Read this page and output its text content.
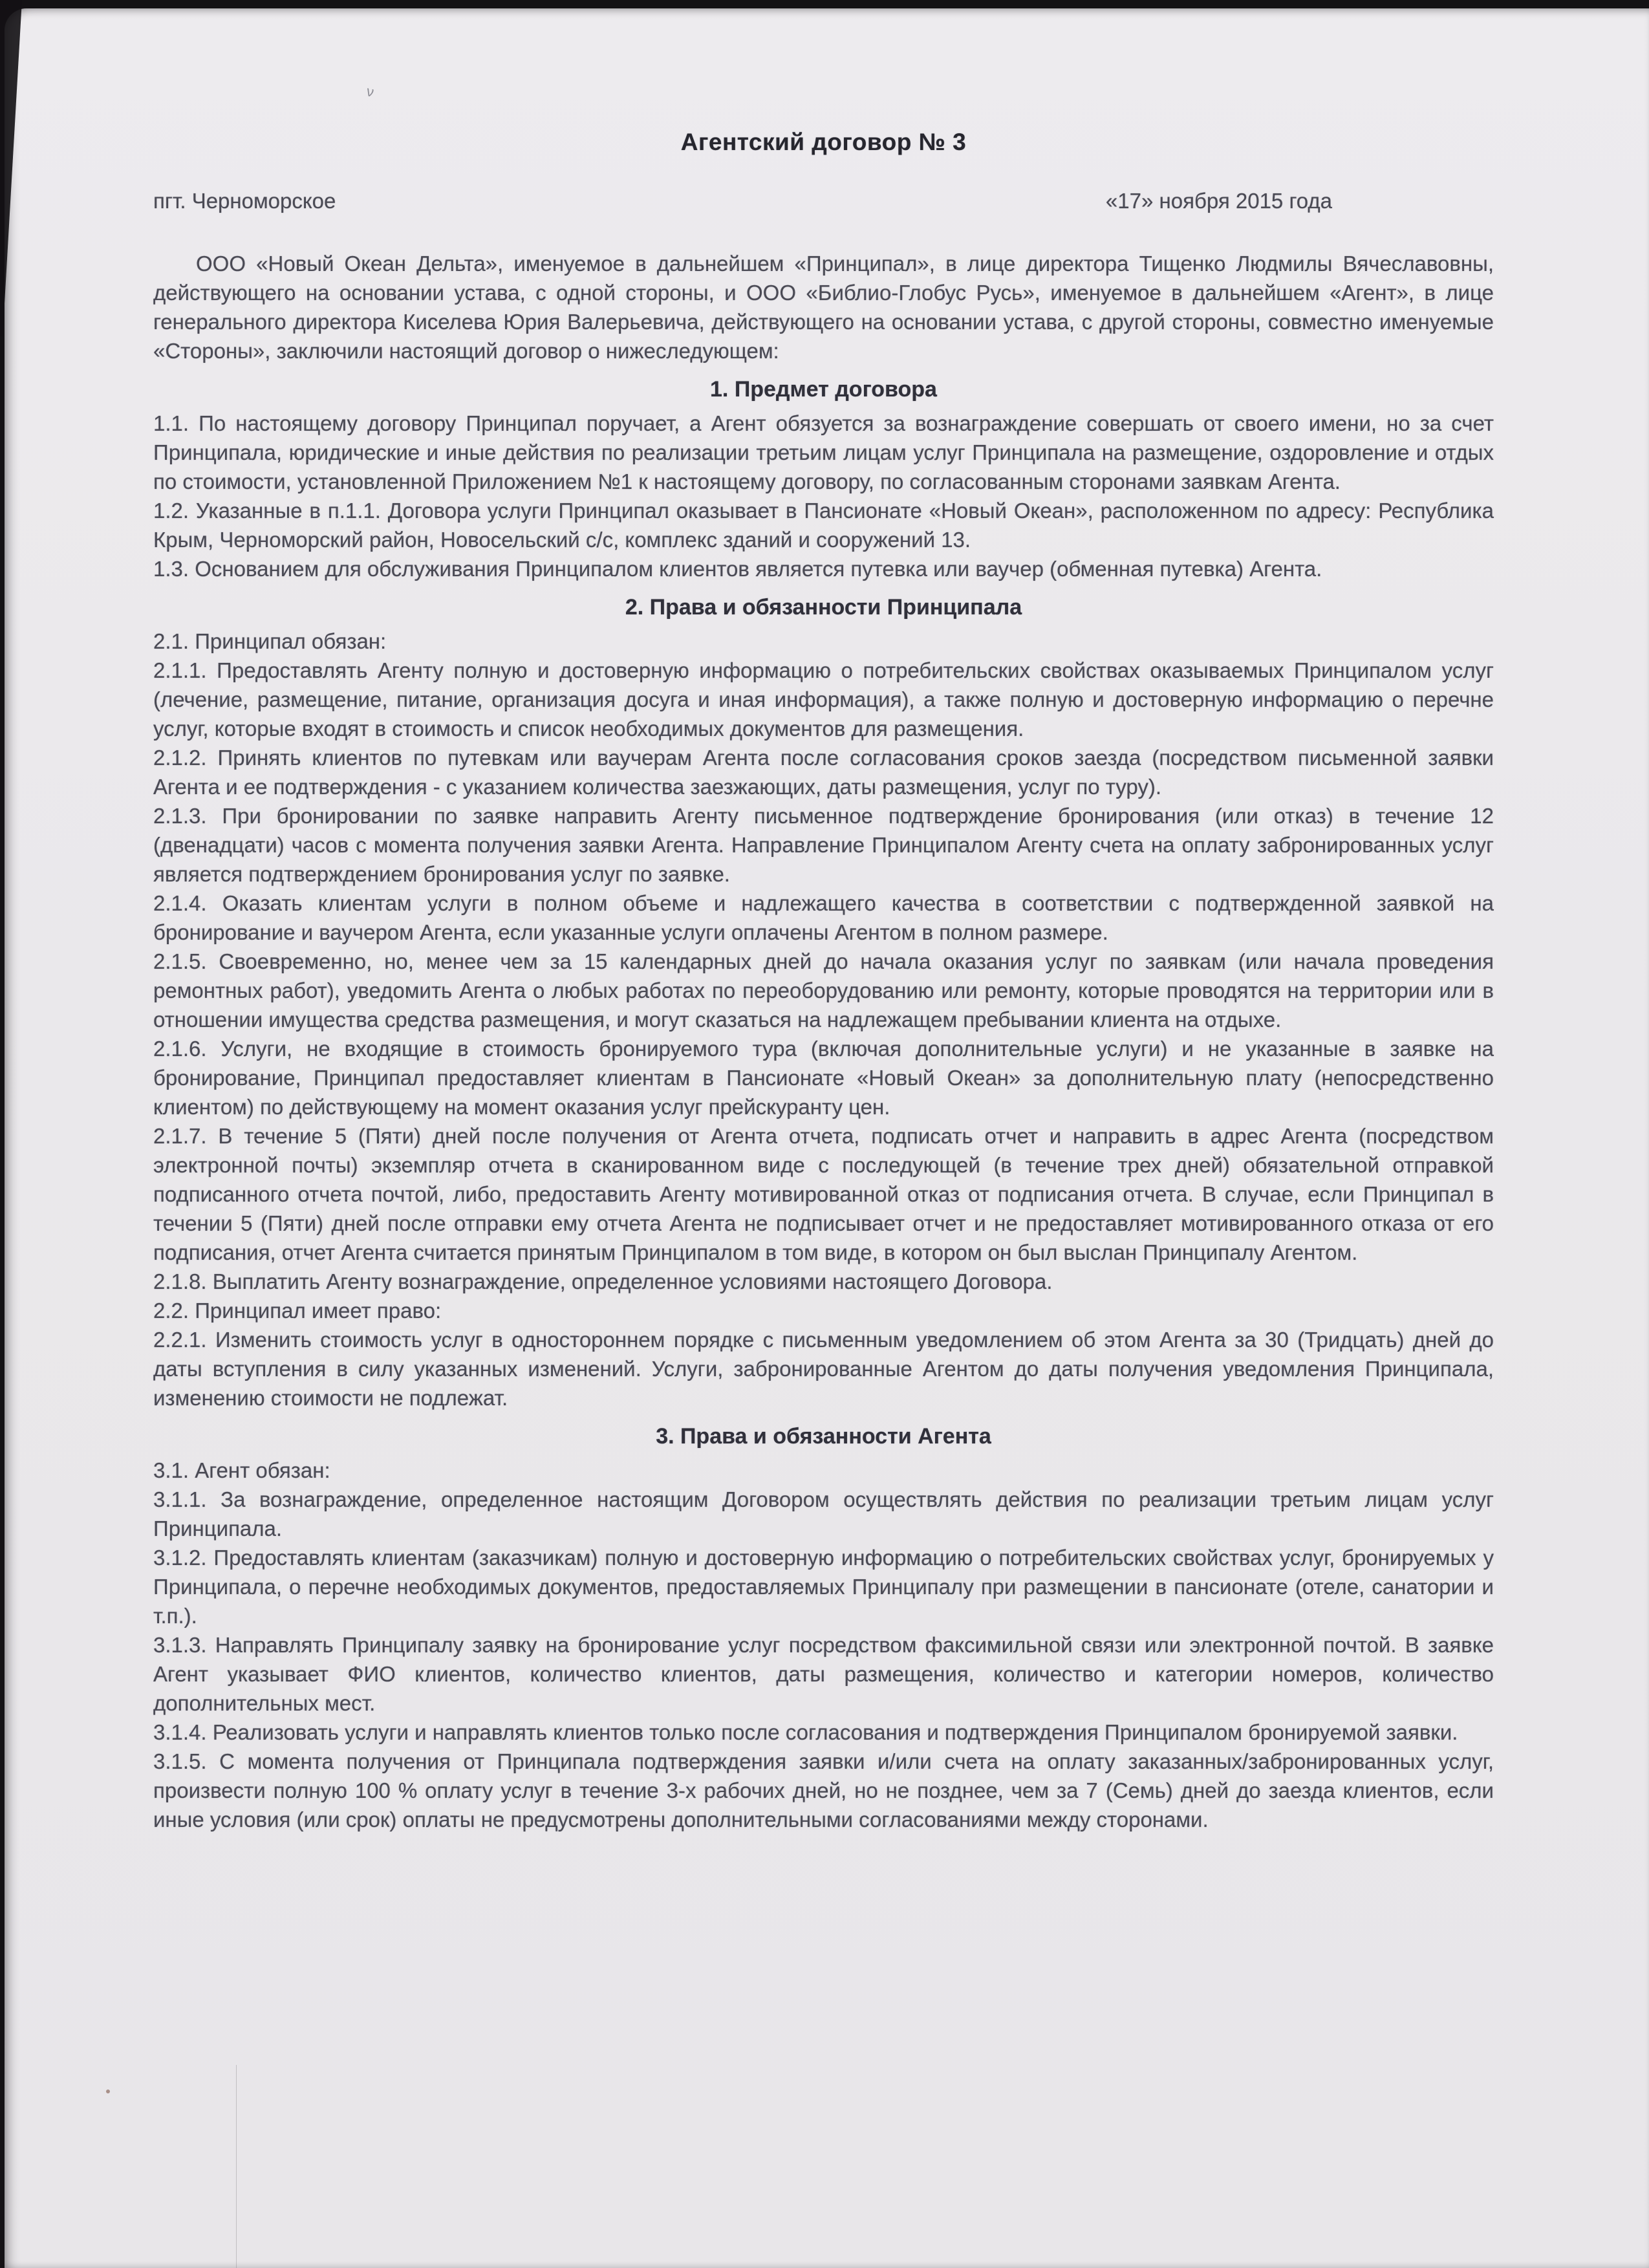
ν
Агентский договор № 3
пгт. Черноморское	«17» ноября 2015 года

ООО «Новый Океан Дельта», именуемое в дальнейшем «Принципал», в лице директора Тищенко Людмилы Вячеславовны, действующего на основании устава, с одной стороны, и ООО «Библио-Глобус Русь», именуемое в дальнейшем «Агент», в лице генерального директора Киселева Юрия Валерьевича, действующего на основании устава, с другой стороны, совместно именуемые «Стороны», заключили настоящий договор о нижеследующем:

1. Предмет договора

1.1. По настоящему договору Принципал поручает, а Агент обязуется за вознаграждение совершать от своего имени, но за счет Принципала, юридические и иные действия по реализации третьим лицам услуг Принципала на размещение, оздоровление и отдых по стоимости, установленной Приложением №1 к настоящему договору, по согласованным сторонами заявкам Агента.

1.2. Указанные в п.1.1. Договора услуги Принципал оказывает в Пансионате «Новый Океан», расположенном по адресу: Республика Крым, Черноморский район, Новосельский с/с, комплекс зданий и сооружений 13.

1.3. Основанием для обслуживания Принципалом клиентов является путевка или ваучер (обменная путевка) Агента.

2. Права и обязанности Принципала

2.1. Принципал обязан:

2.1.1. Предоставлять Агенту полную и достоверную информацию о потребительских свойствах оказываемых Принципалом услуг (лечение, размещение, питание, организация досуга и иная информация), а также полную и достоверную информацию о перечне услуг, которые входят в стоимость и список необходимых документов для размещения.

2.1.2. Принять клиентов по путевкам или ваучерам Агента после согласования сроков заезда (посредством письменной заявки Агента и ее подтверждения - с указанием количества заезжающих, даты размещения, услуг по туру).

2.1.3. При бронировании по заявке направить Агенту письменное подтверждение бронирования (или отказ) в течение 12 (двенадцати) часов с момента получения заявки Агента. Направление Принципалом Агенту счета на оплату забронированных услуг является подтверждением бронирования услуг по заявке.

2.1.4. Оказать клиентам услуги в полном объеме и надлежащего качества в соответствии с подтвержденной заявкой на бронирование и ваучером Агента, если указанные услуги оплачены Агентом в полном размере.

2.1.5. Своевременно, но, менее чем за 15 календарных дней до начала оказания услуг по заявкам (или начала проведения ремонтных работ), уведомить Агента о любых работах по переоборудованию или ремонту, которые проводятся на территории или в отношении имущества средства размещения, и могут сказаться на надлежащем пребывании клиента на отдыхе.

2.1.6. Услуги, не входящие в стоимость бронируемого тура (включая дополнительные услуги) и не указанные в заявке на бронирование, Принципал предоставляет клиентам в Пансионате «Новый Океан» за дополнительную плату (непосредственно клиентом) по действующему на момент оказания услуг прейскуранту цен.

2.1.7. В течение 5 (Пяти) дней после получения от Агента отчета, подписать отчет и направить в адрес Агента (посредством электронной почты) экземпляр отчета в сканированном виде с последующей (в течение трех дней) обязательной отправкой подписанного отчета почтой, либо, предоставить Агенту мотивированной отказ от подписания отчета. В случае, если Принципал в течении 5 (Пяти) дней после отправки ему отчета Агента не подписывает отчет и не предоставляет мотивированного отказа от его подписания, отчет Агента считается принятым Принципалом в том виде, в котором он был выслан Принципалу Агентом.

2.1.8. Выплатить Агенту вознаграждение, определенное условиями настоящего Договора.

2.2. Принципал имеет право:

2.2.1. Изменить стоимость услуг в одностороннем порядке с письменным уведомлением об этом Агента за 30 (Тридцать) дней до даты вступления в силу указанных изменений. Услуги, забронированные Агентом до даты получения уведомления Принципала, изменению стоимости не подлежат.

3. Права и обязанности Агента

3.1. Агент обязан:

3.1.1. За вознаграждение, определенное настоящим Договором осуществлять действия по реализации третьим лицам услуг Принципала.

3.1.2. Предоставлять клиентам (заказчикам) полную и достоверную информацию о потребительских свойствах услуг, бронируемых у Принципала, о перечне необходимых документов, предоставляемых Принципалу при размещении в пансионате (отеле, санатории и т.п.).

3.1.3. Направлять Принципалу заявку на бронирование услуг посредством факсимильной связи или электронной почтой. В заявке Агент указывает ФИО клиентов, количество клиентов, даты размещения, количество и категории номеров, количество дополнительных мест.

3.1.4. Реализовать услуги и направлять клиентов только после согласования и подтверждения Принципалом бронируемой заявки.

3.1.5. С момента получения от Принципала подтверждения заявки и/или счета на оплату заказанных/забронированных услуг, произвести полную 100 % оплату услуг в течение 3-х рабочих дней, но не позднее, чем за 7 (Семь) дней до заезда клиентов, если иные условия (или срок) оплаты не предусмотрены дополнительными согласованиями между сторонами.
